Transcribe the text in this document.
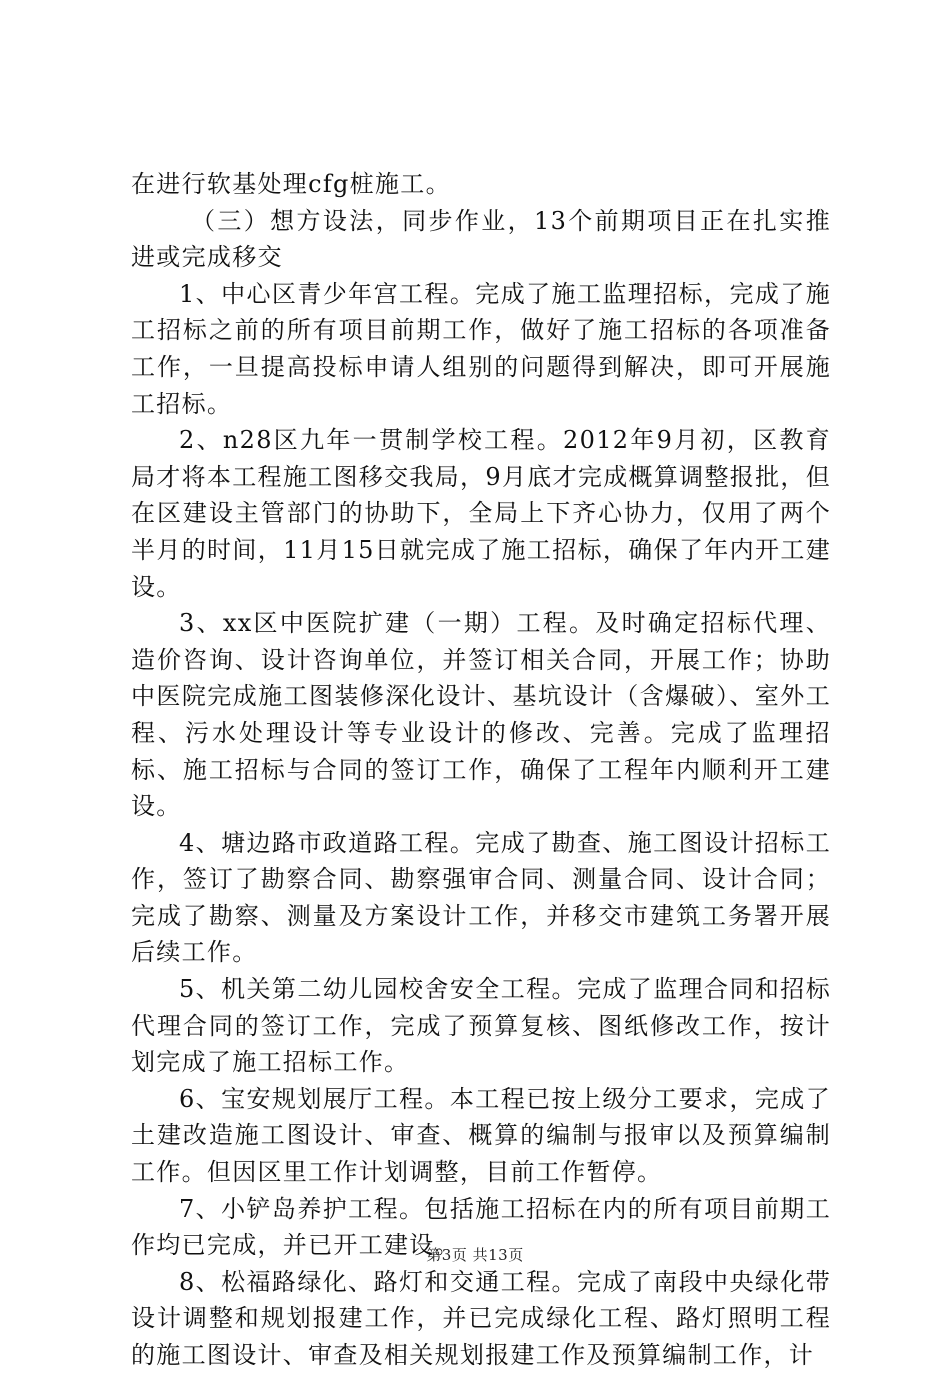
在进行软基处理cfg桩施工。

（三）想方设法，同步作业，13个前期项目正在扎实推进或完成移交

1、中心区青少年宫工程。完成了施工监理招标，完成了施工招标之前的所有项目前期工作，做好了施工招标的各项准备工作，一旦提高投标申请人组别的问题得到解决，即可开展施工招标。

2、n28区九年一贯制学校工程。2012年9月初，区教育局才将本工程施工图移交我局，9月底才完成概算调整报批，但在区建设主管部门的协助下，全局上下齐心协力，仅用了两个半月的时间，11月15日就完成了施工招标，确保了年内开工建设。

3、xx区中医院扩建（一期）工程。及时确定招标代理、造价咨询、设计咨询单位，并签订相关合同，开展工作；协助中医院完成施工图装修深化设计、基坑设计（含爆破）、室外工程、污水处理设计等专业设计的修改、完善。完成了监理招标、施工招标与合同的签订工作，确保了工程年内顺利开工建设。

4、塘边路市政道路工程。完成了勘查、施工图设计招标工作，签订了勘察合同、勘察强审合同、测量合同、设计合同；完成了勘察、测量及方案设计工作，并移交市建筑工务署开展后续工作。

5、机关第二幼儿园校舍安全工程。完成了监理合同和招标代理合同的签订工作，完成了预算复核、图纸修改工作，按计划完成了施工招标工作。

6、宝安规划展厅工程。本工程已按上级分工要求，完成了土建改造施工图设计、审查、概算的编制与报审以及预算编制工作。但因区里工作计划调整，目前工作暂停。

7、小铲岛养护工程。包括施工招标在内的所有项目前期工作均已完成，并已开工建设。

8、松福路绿化、路灯和交通工程。完成了南段中央绿化带设计调整和规划报建工作，并已完成绿化工程、路灯照明工程的施工图设计、审查及相关规划报建工作及预算编制工作，计

第3页 共13页
